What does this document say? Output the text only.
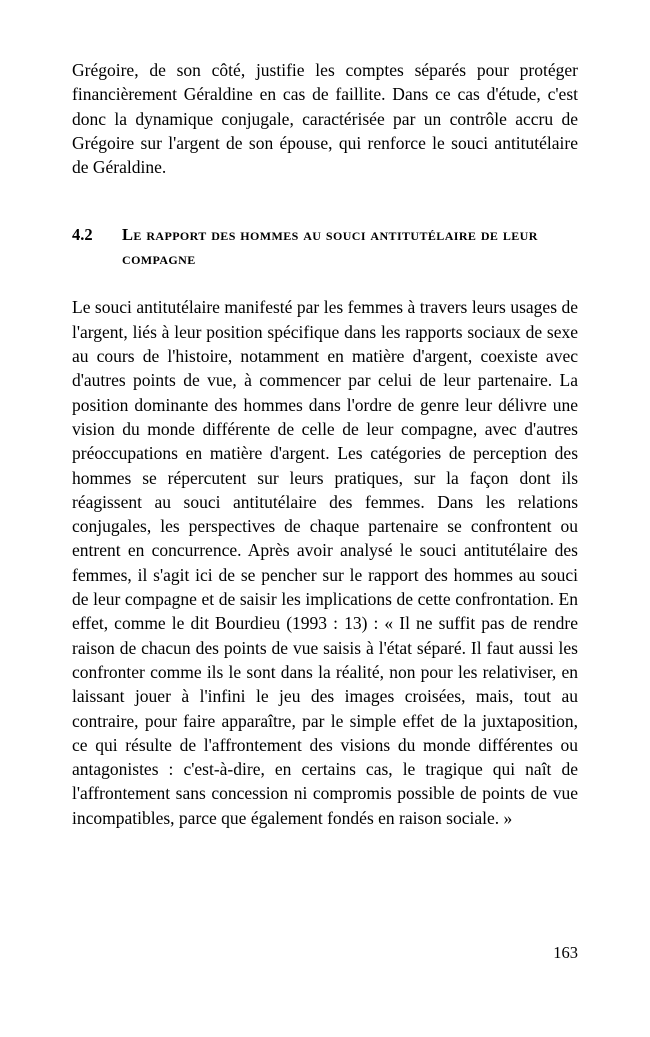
Grégoire, de son côté, justifie les comptes séparés pour protéger financièrement Géraldine en cas de faillite. Dans ce cas d'étude, c'est donc la dynamique conjugale, caractérisée par un contrôle accru de Grégoire sur l'argent de son épouse, qui renforce le souci antitutélaire de Géraldine.

4.2	Le rapport des hommes au souci antitutélaire de leur compagne

Le souci antitutélaire manifesté par les femmes à travers leurs usages de l'argent, liés à leur position spécifique dans les rapports sociaux de sexe au cours de l'histoire, notamment en matière d'argent, coexiste avec d'autres points de vue, à commencer par celui de leur partenaire. La position dominante des hommes dans l'ordre de genre leur délivre une vision du monde différente de celle de leur compagne, avec d'autres préoccupations en matière d'argent. Les catégories de perception des hommes se répercutent sur leurs pratiques, sur la façon dont ils réagissent au souci antitutélaire des femmes. Dans les relations conjugales, les perspectives de chaque partenaire se confrontent ou entrent en concurrence. Après avoir analysé le souci antitutélaire des femmes, il s'agit ici de se pencher sur le rapport des hommes au souci de leur compagne et de saisir les implications de cette confrontation. En effet, comme le dit Bourdieu (1993 : 13) : « Il ne suffit pas de rendre raison de chacun des points de vue saisis à l'état séparé. Il faut aussi les confronter comme ils le sont dans la réalité, non pour les relativiser, en laissant jouer à l'infini le jeu des images croisées, mais, tout au contraire, pour faire apparaître, par le simple effet de la juxtaposition, ce qui résulte de l'affrontement des visions du monde différentes ou antagonistes : c'est-à-dire, en certains cas, le tragique qui naît de l'affrontement sans concession ni compromis possible de points de vue incompatibles, parce que également fondés en raison sociale. »

163
